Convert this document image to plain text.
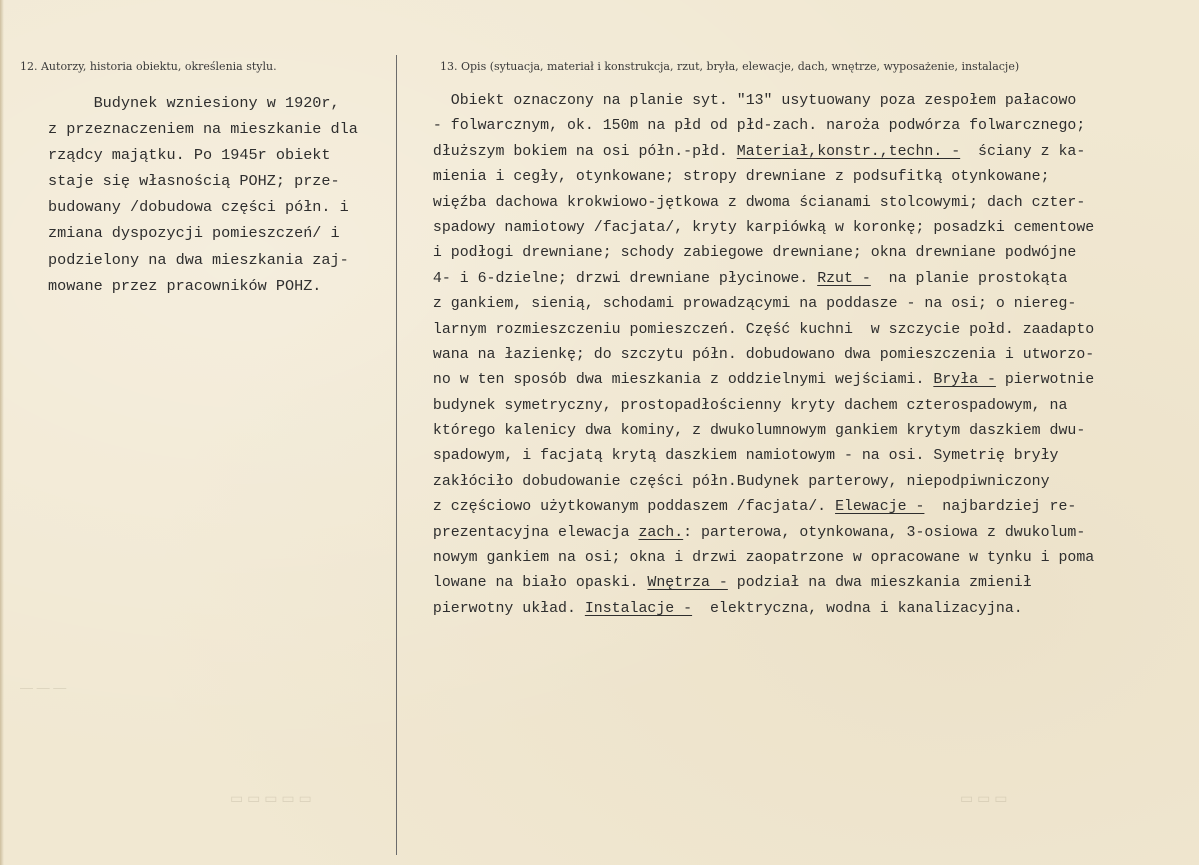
— — —
▭ ▭ ▭ ▭ ▭	▭ ▭ ▭
12. Autorzy, historia obiektu, określenia stylu.	13. Opis (sytuacja, materiał i konstrukcja, rzut, bryła, elewacje, dach, wnętrze, wyposażenie, instalacje)
Budynek wzniesiony w 1920r,
z przeznaczeniem na mieszkanie dla
rządcy majątku. Po 1945r obiekt
staje się własnością POHZ; prze-
budowany /dobudowa części półn. i
zmiana dyspozycji pomieszczeń/ i
podzielony na dwa mieszkania zaj-
mowane przez pracowników POHZ.
Obiekt oznaczony na planie syt. "13" usytuowany poza zespołem pałacowo
- folwarcznym, ok. 150m na płd od płd-zach. naroża podwórza folwarcznego;
dłuższym bokiem na osi półn.-płd. Materiał,konstr.,techn. -  ściany z ka-
mienia i cegły, otynkowane; stropy drewniane z podsufitką otynkowane;
więźba dachowa krokwiowo-jętkowa z dwoma ścianami stolcowymi; dach czter-
spadowy namiotowy /facjata/, kryty karpiówką w koronkę; posadzki cementowe
i podłogi drewniane; schody zabiegowe drewniane; okna drewniane podwójne
4- i 6-dzielne; drzwi drewniane płycinowe. Rzut -  na planie prostokąta
z gankiem, sienią, schodami prowadzącymi na poddasze - na osi; o niereg-
larnym rozmieszczeniu pomieszczeń. Część kuchni  w szczycie połd. zaadapto
wana na łazienkę; do szczytu półn. dobudowano dwa pomieszczenia i utworzo-
no w ten sposób dwa mieszkania z oddzielnymi wejściami. Bryła - pierwotnie
budynek symetryczny, prostopadłościenny kryty dachem czterospadowym, na
którego kalenicy dwa kominy, z dwukolumnowym gankiem krytym daszkiem dwu-
spadowym, i facjatą krytą daszkiem namiotowym - na osi. Symetrię bryły
zakłóciło dobudowanie części półn.Budynek parterowy, niepodpiwniczony
z częściowo użytkowanym poddaszem /facjata/. Elewacje -  najbardziej re-
prezentacyjna elewacja zach.: parterowa, otynkowana, 3-osiowa z dwukolum-
nowym gankiem na osi; okna i drzwi zaopatrzone w opracowane w tynku i poma
lowane na biało opaski. Wnętrza - podział na dwa mieszkania zmienił
pierwotny układ. Instalacje -  elektryczna, wodna i kanalizacyjna.
